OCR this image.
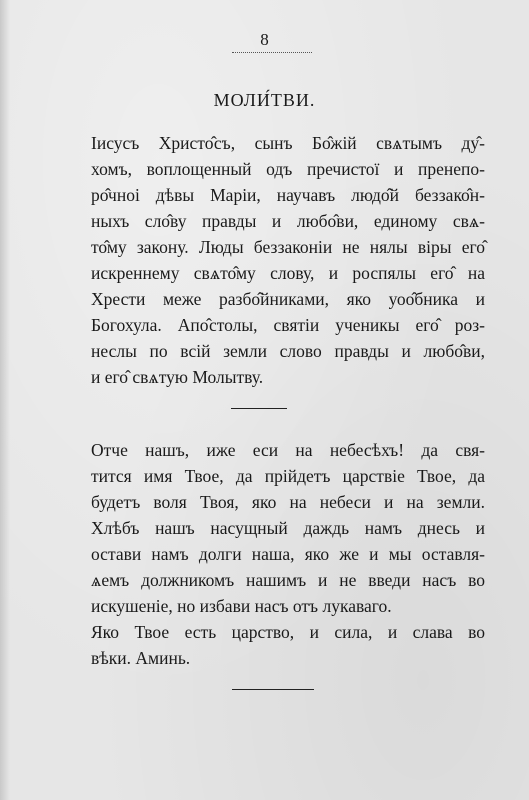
8
МОЛИ́ТВИ.
Іисусъ Христо̂съ, сынъ Бо̂жій свѧтымъ ду̂-
хомъ, воплощенный одъ пречистої и пренепо-
ро̂чноі дѣвы Маріи, научавъ людо̂й беззако̂н-
ныхъ сло̂ву правды и любо̂ви, единому свѧ-
то̂му закону. Люды беззаконіи не нялы віры его̂
искреннему свѧто̂му слову, и роспялы его̂ на
Хрести меже разбо̂йниками, яко уоо̂бника и
Богохула. Апо̂столы, святіи ученикы его̂ роз-
неслы по всій земли слово правды и любо̂ви,
и его̂ свѧтую Молытву.
Отче нашъ, иже еси на небесѣхъ! да свя-
тится имя Твое, да прійдетъ царствіе Твое, да
будетъ воля Твоя, яко на небеси и на земли.
Хлѣбъ нашъ насущный даждь намъ днесь и
остави намъ долги наша, яко же и мы оставля-
ѧемъ должникомъ нашимъ и не введи насъ во
искушеніе, но избави насъ отъ лукаваго.
Яко Твое есть царство, и сила, и слава во
вѣки. Аминь.
